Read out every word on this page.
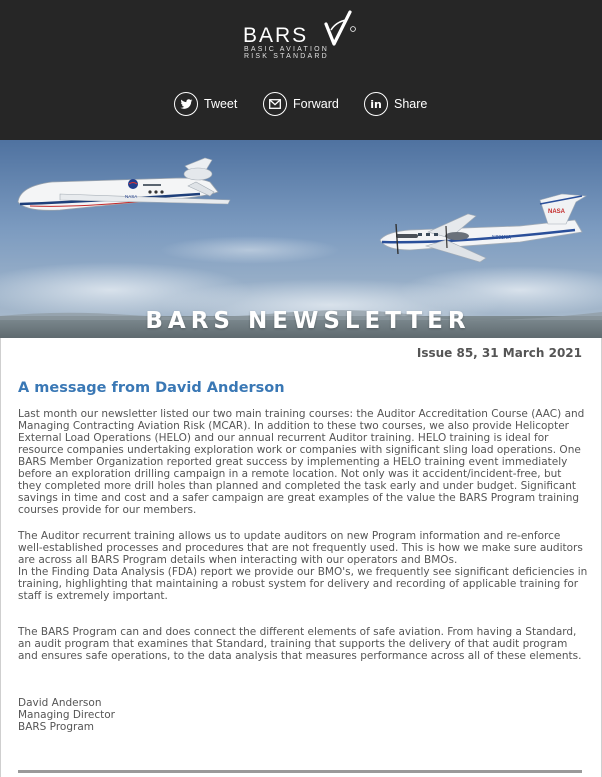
BARS
BASIC AVIATION
RISK STANDARD
Tweet	Forward	in Share
NASA
NASA
N801NA
BARS NEWSLETTER
Issue 85, 31 March 2021
A message from David Anderson
Last month our newsletter listed our two main training courses: the Auditor Accreditation Course (AAC) and Managing Contracting Aviation Risk (MCAR). In addition to these two courses, we also provide Helicopter External Load Operations (HELO) and our annual recurrent Auditor training. HELO training is ideal for resource companies undertaking exploration work or companies with significant sling load operations. One BARS Member Organization reported great success by implementing a HELO training event immediately before an exploration drilling campaign in a remote location. Not only was it accident/incident-free, but they completed more drill holes than planned and completed the task early and under budget. Significant savings in time and cost and a safer campaign are great examples of the value the BARS Program training courses provide for our members.
The Auditor recurrent training allows us to update auditors on new Program information and re-enforce well-established processes and procedures that are not frequently used. This is how we make sure auditors are across all BARS Program details when interacting with our operators and BMOs.
In the Finding Data Analysis (FDA) report we provide our BMO's, we frequently see significant deficiencies in training, highlighting that maintaining a robust system for delivery and recording of applicable training for staff is extremely important.
The BARS Program can and does connect the different elements of safe aviation. From having a Standard, an audit program that examines that Standard, training that supports the delivery of that audit program and ensures safe operations, to the data analysis that measures performance across all of these elements.
David Anderson
Managing Director
BARS Program
